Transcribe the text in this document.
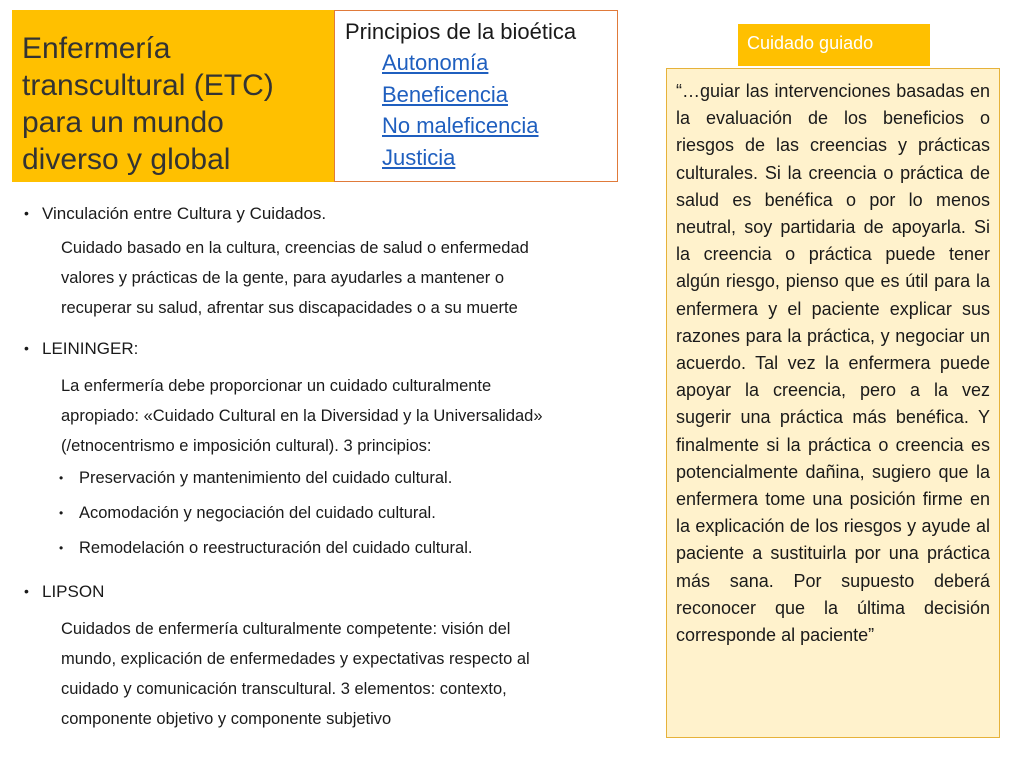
Enfermería
transcultural (ETC)
para un mundo
diverso y global

Principios de la bioética

Autonomía
Beneficencia
No maleficencia
Justicia
Cuidado guiado

“…guiar las intervenciones basadas en la evaluación de los beneficios o riesgos de las creencias y prácticas culturales. Si la creencia o práctica de salud es benéfica o por lo menos neutral, soy partidaria de apoyarla. Si la creencia o práctica puede tener algún riesgo, pienso que es útil para la enfermera y el paciente explicar sus razones para la práctica, y negociar un acuerdo. Tal vez la enfermera puede apoyar la creencia, pero a la vez sugerir una práctica más benéfica. Y finalmente si la práctica o creencia es potencialmente dañina, sugiero que la enfermera tome una posición firme en la explicación de los riesgos y ayude al paciente a sustituirla por una práctica más sana. Por supuesto deberá reconocer que la última decisión corresponde al paciente”

• Vinculación entre Cultura y Cuidados.

Cuidado basado en la cultura, creencias de salud o enfermedad

valores y prácticas de la gente, para ayudarles a mantener o

recuperar su salud, afrentar sus discapacidades o a su muerte

• LEININGER:

La enfermería debe proporcionar un cuidado culturalmente

apropiado: «Cuidado Cultural en la Diversidad y la Universalidad»

(/etnocentrismo e imposición cultural). 3 principios:

• Preservación y mantenimiento del cuidado cultural.

• Acomodación y negociación del cuidado cultural.

• Remodelación o reestructuración del cuidado cultural.

• LIPSON

Cuidados de enfermería culturalmente competente: visión del

mundo, explicación de enfermedades y expectativas respecto al

cuidado y comunicación transcultural. 3 elementos: contexto,

componente objetivo y componente subjetivo
